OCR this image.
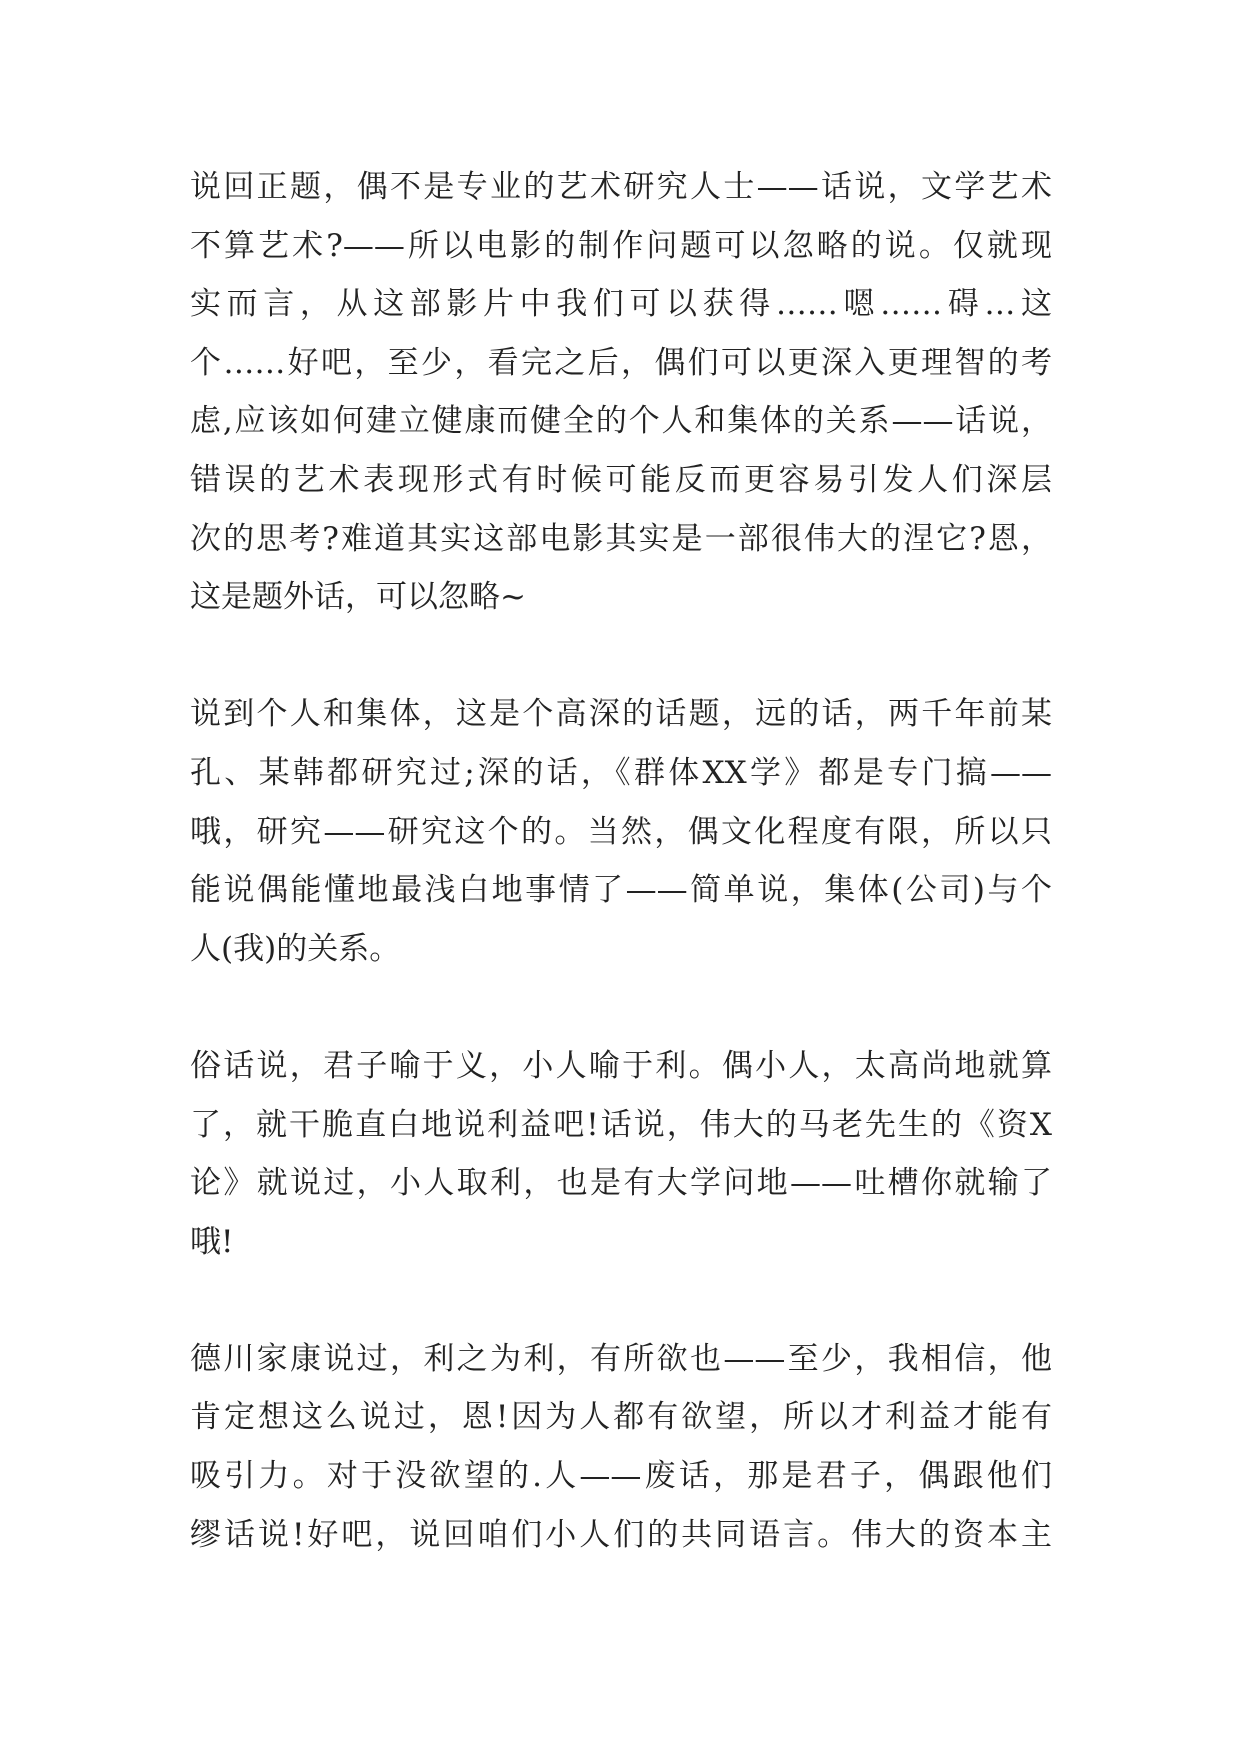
说回正题，偶不是专业的艺术研究人士——话说，文学艺术
不算艺术?——所以电影的制作问题可以忽略的说。仅就现
实而言，从这部影片中我们可以获得……嗯……碍…这
个……好吧，至少，看完之后，偶们可以更深入更理智的考
虑,应该如何建立健康而健全的个人和集体的关系——话说，
错误的艺术表现形式有时候可能反而更容易引发人们深层
次的思考?难道其实这部电影其实是一部很伟大的涅它?恩，
这是题外话，可以忽略~
说到个人和集体，这是个高深的话题，远的话，两千年前某
孔、某韩都研究过;深的话，《群体XX学》都是专门搞——
哦，研究——研究这个的。当然，偶文化程度有限，所以只
能说偶能懂地最浅白地事情了——简单说，集体(公司)与个
人(我)的关系。
俗话说，君子喻于义，小人喻于利。偶小人，太高尚地就算
了，就干脆直白地说利益吧!话说，伟大的马老先生的《资X
论》就说过，小人取利，也是有大学问地——吐槽你就输了
哦!
德川家康说过，利之为利，有所欲也——至少，我相信，他
肯定想这么说过，恩!因为人都有欲望，所以才利益才能有
吸引力。对于没欲望的.人——废话，那是君子，偶跟他们
缪话说!好吧，说回咱们小人们的共同语言。伟大的资本主
